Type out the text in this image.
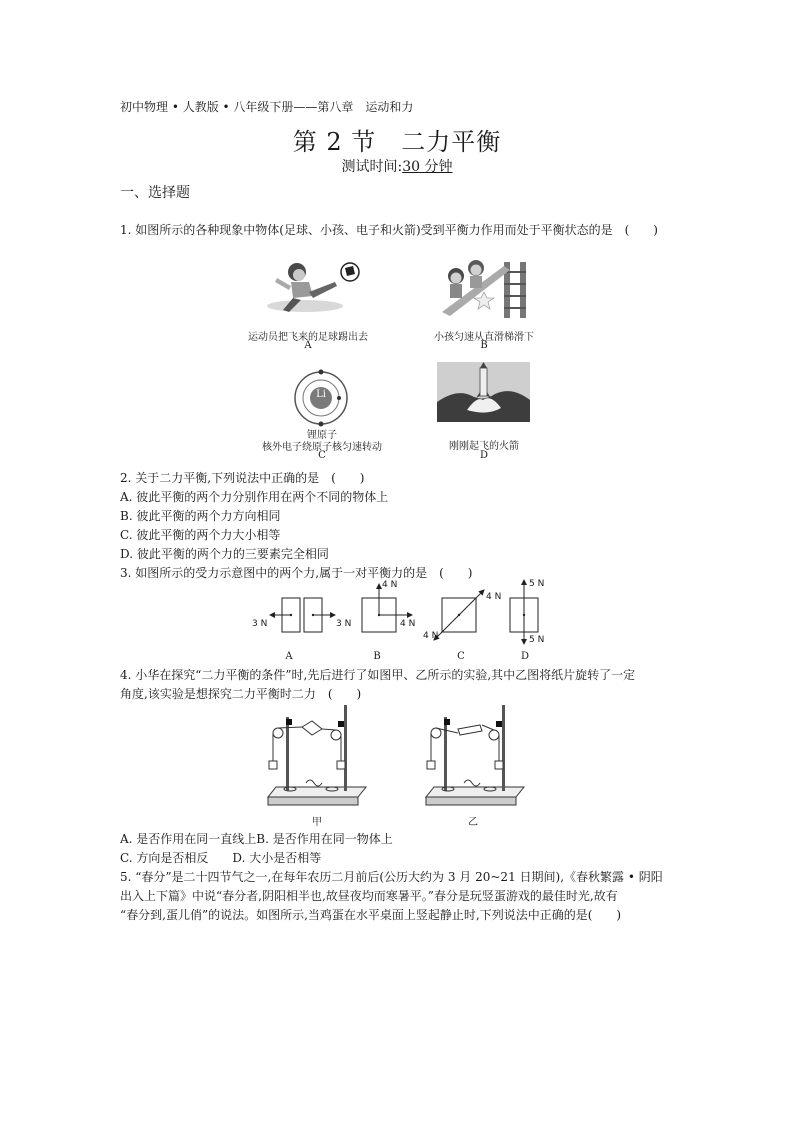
初中物理 • 人教版 • 八年级下册——第八章　运动和力
第 2 节　二力平衡
测试时间:30 分钟
一、选择题
1. 如图所示的各种现象中物体(足球、小孩、电子和火箭)受到平衡力作用而处于平衡状态的是　(　　)
运动员把飞来的足球踢出去
A
小孩匀速从直滑梯滑下
B
Li
锂原子
核外电子绕原子核匀速转动
C
刚刚起飞的火箭
D
2. 关于二力平衡,下列说法中正确的是　(　　)
A. 彼此平衡的两个力分别作用在两个不同的物体上
B. 彼此平衡的两个力方向相同
C. 彼此平衡的两个力大小相等
D. 彼此平衡的两个力的三要素完全相同
3. 如图所示的受力示意图中的两个力,属于一对平衡力的是　(　　)
3 N	3 N
4 N
4 N
4 N
4 N
5 N
5 N
A	B	C	D
4. 小华在探究“二力平衡的条件”时,先后进行了如图甲、乙所示的实验,其中乙图将纸片旋转了一定
角度,该实验是想探究二力平衡时二力　(　　)
甲	乙
A. 是否作用在同一直线上B. 是否作用在同一物体上
C. 方向是否相反　　D. 大小是否相等
5. “春分”是二十四节气之一,在每年农历二月前后(公历大约为 3 月 20~21 日期间),《春秋繁露 • 阴阳
出入上下篇》中说“春分者,阴阳相半也,故昼夜均而寒暑平。”春分是玩竖蛋游戏的最佳时光,故有
“春分到,蛋儿俏”的说法。如图所示,当鸡蛋在水平桌面上竖起静止时,下列说法中正确的是(　　)
